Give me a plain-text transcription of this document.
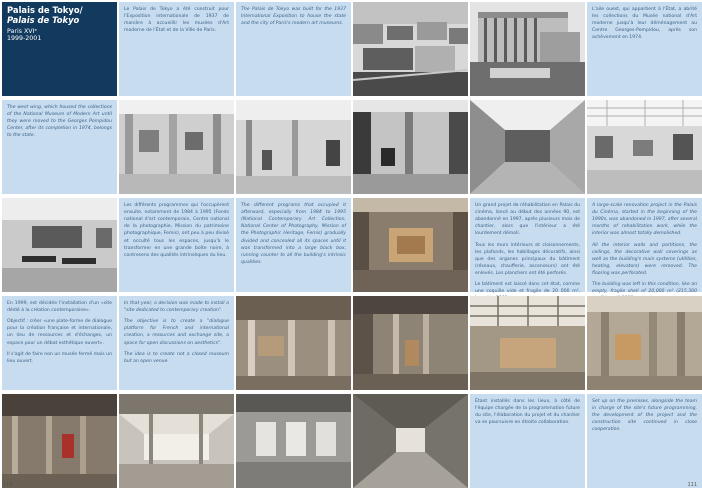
Palais de Tokyo/
Palais de Tokyo
Paris XVIᵉ
1999-2001

Le Palais de Tokyo a été construit pour l'Exposition internationale de 1937 de manière à accueillir les musées d'Art moderne de l'État et de la Ville de Paris.

The Palais de Tokyo was built for the 1937 International Exposition to house the state and the city of Paris's modern art museums.

L'aile ouest, qui appartient à l'État, a abrité les collections du Musée national d'Art moderne jusqu'à leur déménagement au Centre Georges-Pompidou, après son achèvement en 1974.

The west wing, which housed the collections of the National Museum of Modern Art until they were moved to the Georges Pompidou Center, after its completion in 1974, belongs to the state.

Les différents programmes qui l'occupèrent ensuite, notamment de 1984 à 1995 (Fonds national d'art contemporain, Centre national de la photographie, Mission du patrimoine photographique, Femis), ont peu à peu divisé et occulté tous les espaces, jusqu'à le transformer en une grande boîte noire, à contresens des qualités intrinsèques du lieu.

The different programs that occupied it afterward, especially from 1984 to 1995 (National Contemporary Art Collection, National Center of Photography, Mission of the Photographic Heritage, Femis) gradually divided and concealed all its spaces until it was transformed into a large black box, running counter to all the building's intrinsic qualities.

Un grand projet de réhabilitation en Palais du cinéma, lancé au début des années 90, est abandonné en 1997, après plusieurs mois de chantier, alors que l'intérieur a été lourdement démoli.

Tous les murs intérieurs et cloisonnements, les plafonds, les habillages décoratifs, ainsi que des organes principaux du bâtiment (réseaux, chaufferie, ascenseurs) ont été enlevés. Les planchers ont été perforés.

Le bâtiment est laissé dans cet état, comme une coquille vide et fragile de 20 000 m²,

A large-scale renovation project in the Palais du Cinéma, started in the beginning of the 1990s, was abandoned in 1997, after several months of rehabilitation work, while the interior was almost totally demolished.

All the interior walls and partitions, the ceilings, the decorative wall coverings as well as the building's main systems (utilities, heating, elevators) were removed. The flooring was perforated.

The building was left in this condition, like an empty, fragile shell of 20,000 m² (215,300

En 1999, est décidée l'installation d'un «site dédié à la création contemporaine».

Objectif : créer «une plate-forme de dialogue pour la création française et internationale, un lieu de ressources et d'échanges, un espace pour un débat esthétique ouvert».

Il s'agit de faire non un musée fermé mais un lieu ouvert.

In that year, a decision was made to install a "site dedicated to contemporary creation".

The objective is to create a "dialogue platform for French and international creation, a resources and exchange site, a space for open discussions on aesthetics".

The idea is to create not a closed museum but an open venue.

Étant installés dans les lieux, à côté de l'équipe chargée de la programmation future du site, l'élaboration du projet et du chantier va se poursuivre en étroite collaboration.

Set up on the premises, alongside the team in charge of the site's future programming, the development of the project and the construction site continued in close cooperation.

110	111
